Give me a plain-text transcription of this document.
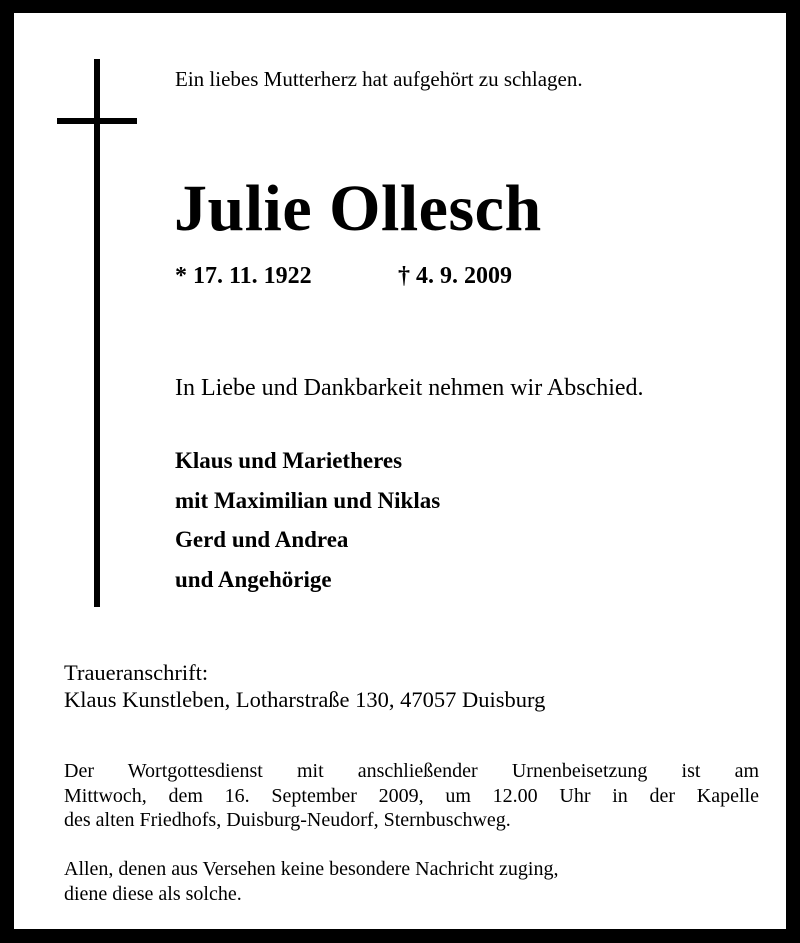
Ein liebes Mutterherz hat aufgehört zu schlagen.
Julie Ollesch
* 17. 11. 1922	† 4. 9. 2009
In Liebe und Dankbarkeit nehmen wir Abschied.
Klaus und Marietheres
mit Maximilian und Niklas
Gerd und Andrea
und Angehörige
Traueranschrift:
Klaus Kunstleben, Lotharstraße 130, 47057 Duisburg
Der Wortgottesdienst mit anschließender Urnenbeisetzung ist am
Mittwoch, dem 16. September 2009, um 12.00 Uhr in der Kapelle
des alten Friedhofs, Duisburg-Neudorf, Sternbuschweg.
Allen, denen aus Versehen keine besondere Nachricht zuging,
diene diese als solche.
